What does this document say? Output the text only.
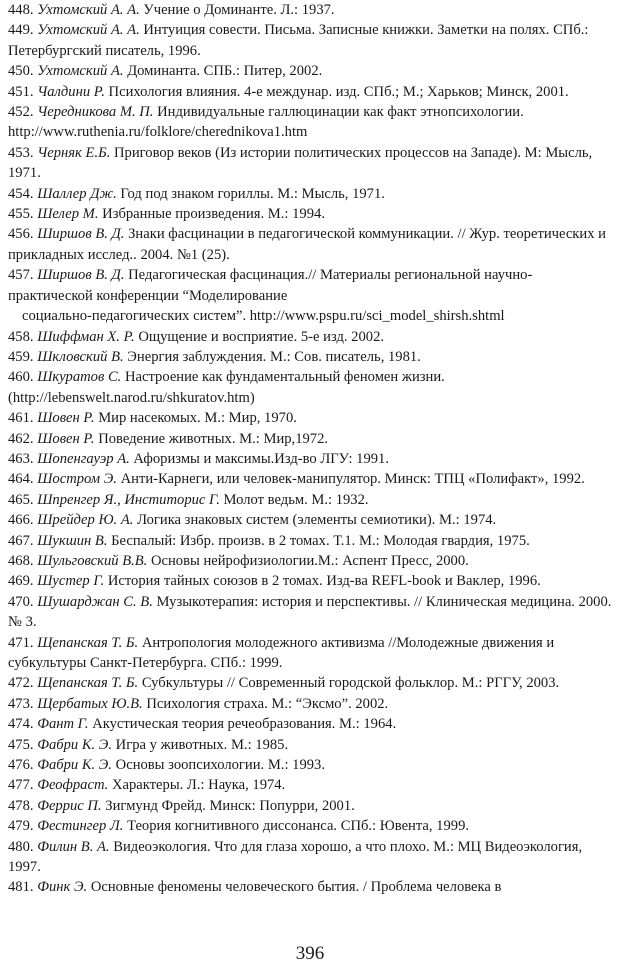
448. Ухтомский А. А. Учение о Доминанте. Л.: 1937.

449. Ухтомский А. А. Интуиция совести. Письма. Записные книжки. Заметки на полях. СПб.: Петербургский писатель, 1996.

450. Ухтомский А. Доминанта. СПБ.: Питер, 2002.

451. Чалдини Р. Психология влияния. 4-е междунар. изд. СПб.; М.; Харьков; Минск, 2001.

452. Чередникова М. П. Индивидуальные галлюцинации как факт этнопсихологии. http://www.ruthenia.ru/folklore/cherednikova1.htm

453. Черняк Е.Б. Приговор веков (Из истории политических процессов на Западе). М: Мысль, 1971.

454. Шаллер Дж. Год под знаком гориллы. М.: Мысль, 1971.

455. Шелер М. Избранные произведения. М.: 1994.

456. Ширшов В. Д. Знаки фасцинации в педагогической коммуникации. // Жур. теоретических и прикладных исслед.. 2004. №1 (25).

457. Ширшов В. Д. Педагогическая фасцинация.// Материалы региональной научно-практической конференции “Моделирование
социально-педагогических систем”. http://www.pspu.ru/sci_model_shirsh.shtml

458. Шиффман Х. Р. Ощущение и восприятие. 5-е изд. 2002.

459. Шкловский В. Энергия заблуждения. М.: Сов. писатель, 1981.

460. Шкуратов С. Настроение как фундаментальный феномен жизни. (http://lebenswelt.narod.ru/shkuratov.htm)

461. Шовен Р. Мир насекомых. М.: Мир, 1970.

462. Шовен Р. Поведение животных. М.: Мир,1972.

463. Шопенгауэр А. Афоризмы и максимы.Изд-во ЛГУ: 1991.

464. Шостром Э. Анти-Карнеги, или человек-манипулятор. Минск: ТПЦ «Полифакт», 1992.

465. Шпренгер Я., Инститорис Г. Молот ведьм. М.: 1932.

466. Шрейдер Ю. А. Логика знаковых систем (элементы семиотики). М.: 1974.

467. Шукшин В. Беспалый: Избр. произв. в 2 томах. Т.1. М.: Молодая гвардия, 1975.

468. Шульговский В.В. Основы нейрофизиологии.М.: Аспент Пресс, 2000.

469. Шустер Г. История тайных союзов в 2 томах. Изд-ва REFL-book и Ваклер, 1996.

470. Шушарджан С. В. Музыкотерапия: история и перспективы. // Клиническая медицина. 2000. № 3.

471. Щепанская Т. Б. Антропология молодежного активизма //Молодежные движения и субкультуры Санкт-Петербурга. СПб.: 1999.

472. Щепанская Т. Б. Субкультуры // Современный городской фольклор. М.: РГГУ, 2003.

473. Щербатых Ю.В. Психология страха. М.: “Эксмо”. 2002.

474. Фант Г. Акустическая теория речеобразования. М.: 1964.

475. Фабри К. Э. Игра у животных. М.: 1985.

476. Фабри К. Э. Основы зоопсихологии. М.: 1993.

477. Феофраст. Характеры. Л.: Наука, 1974.

478. Феррис П. Зигмунд Фрейд. Минск: Попурри, 2001.

479. Фестингер Л. Теория когнитивного диссонанса. СПб.: Ювента, 1999.

480. Филин В. А. Видеоэкология. Что для глаза хорошо, а что плохо. М.: МЦ Видеоэкология, 1997.

481. Финк Э. Основные феномены человеческого бытия. / Проблема человека в

396
